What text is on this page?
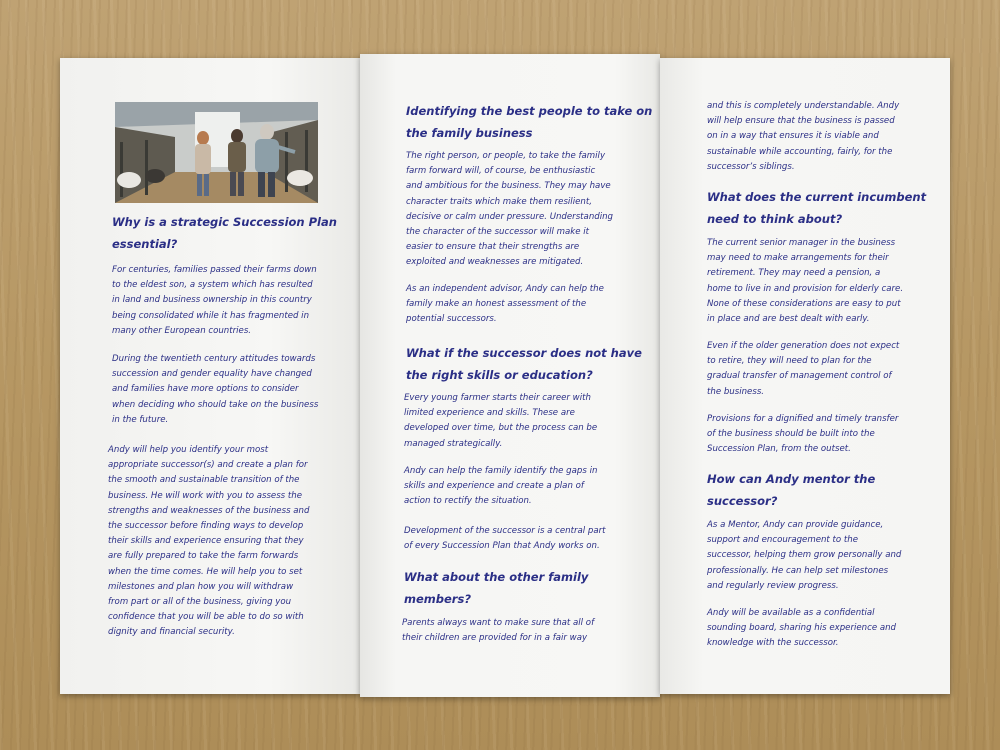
Why is a strategic Succession Plan
essential?

For centuries, families passed their farms down
to the eldest son, a system which has resulted
in land and business ownership in this country
being consolidated while it has fragmented in
many other European countries.

During the twentieth century attitudes towards
succession and gender equality have changed
and families have more options to consider
when deciding who should take on the business
in the future.

Andy will help you identify your most
appropriate successor(s) and create a plan for
the smooth and sustainable transition of the
business. He will work with you to assess the
strengths and weaknesses of the business and
the successor before finding ways to develop
their skills and experience ensuring that they
are fully prepared to take the farm forwards
when the time comes. He will help you to set
milestones and plan how you will withdraw
from part or all of the business, giving you
confidence that you will be able to do so with
dignity and financial security.

Identifying the best people to take on
the family business

The right person, or people, to take the family
farm forward will, of course, be enthusiastic
and ambitious for the business. They may have
character traits which make them resilient,
decisive or calm under pressure. Understanding
the character of the successor will make it
easier to ensure that their strengths are
exploited and weaknesses are mitigated.

As an independent advisor, Andy can help the
family make an honest assessment of the
potential successors.

What if the successor does not have
the right skills or education?

Every young farmer starts their career with
limited experience and skills. These are
developed over time, but the process can be
managed strategically.

Andy can help the family identify the gaps in
skills and experience and create a plan of
action to rectify the situation.

Development of the successor is a central part
of every Succession Plan that Andy works on.

What about the other family
members?

Parents always want to make sure that all of
their children are provided for in a fair way

and this is completely understandable. Andy
will help ensure that the business is passed
on in a way that ensures it is viable and
sustainable while accounting, fairly, for the
successor’s siblings.

What does the current incumbent
need to think about?

The current senior manager in the business
may need to make arrangements for their
retirement. They may need a pension, a
home to live in and provision for elderly care.
None of these considerations are easy to put
in place and are best dealt with early.

Even if the older generation does not expect
to retire, they will need to plan for the
gradual transfer of management control of
the business.

Provisions for a dignified and timely transfer
of the business should be built into the
Succession Plan, from the outset.

How can Andy mentor the
successor?

As a Mentor, Andy can provide guidance,
support and encouragement to the
successor, helping them grow personally and
professionally. He can help set milestones
and regularly review progress.

Andy will be available as a confidential
sounding board, sharing his experience and
knowledge with the successor.
